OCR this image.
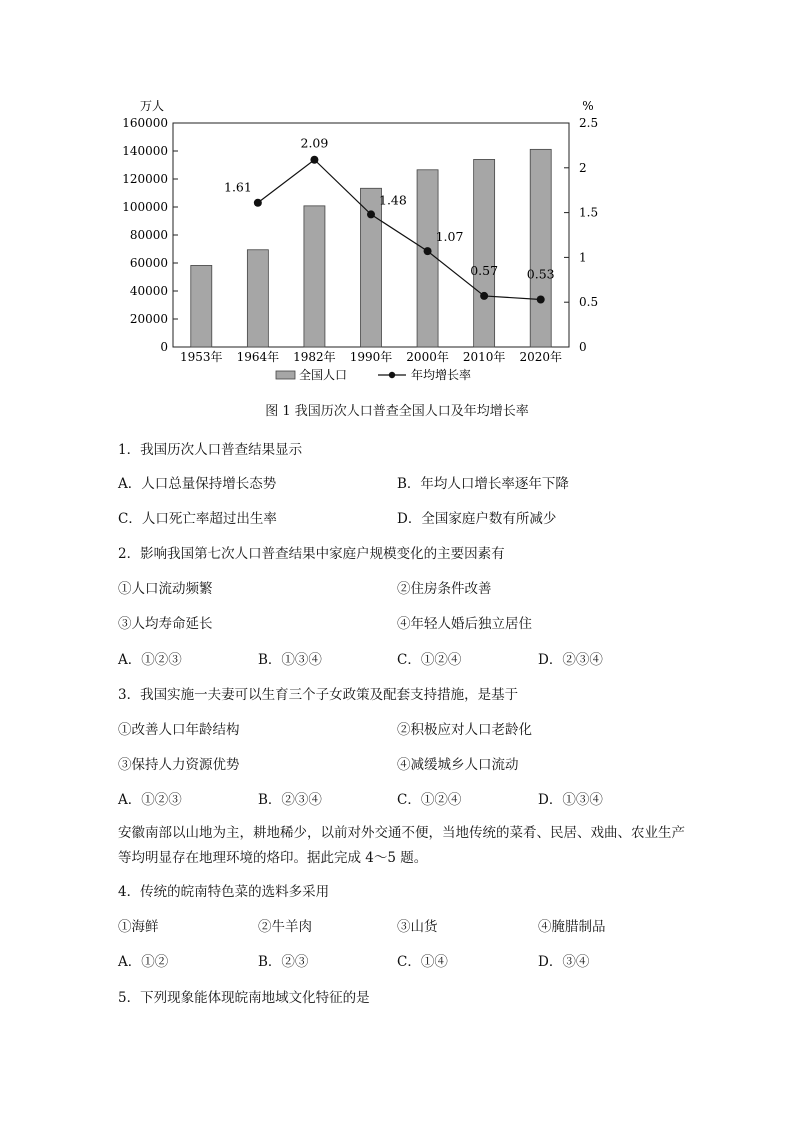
0
20000
40000
60000
80000
100000
120000
140000
160000
0
0.5
1
1.5
2
2.5
万人	%
1953年 1964年 1982年 1990年 2000年 2010年 2020年
1.61
2.09
1.48
1.07
0.57 0.53
全国人口	年均增长率
图 1 我国历次人口普查全国人口及年均增长率
1．我国历次人口普查结果显示
A．人口总量保持增长态势	B．年均人口增长率逐年下降
C．人口死亡率超过出生率	D．全国家庭户数有所减少
2．影响我国第七次人口普查结果中家庭户规模变化的主要因素有
①人口流动频繁	②住房条件改善
③人均寿命延长	④年轻人婚后独立居住
A．①②③	B．①③④	C．①②④	D．②③④
3．我国实施一夫妻可以生育三个子女政策及配套支持措施，是基于
①改善人口年龄结构	②积极应对人口老龄化
③保持人力资源优势	④减缓城乡人口流动
A．①②③	B．②③④	C．①②④	D．①③④
安徽南部以山地为主，耕地稀少，以前对外交通不便，当地传统的菜肴、民居、戏曲、农业生产等均明显存在地理环境的烙印。据此完成 4～5 题。
4．传统的皖南特色菜的选料多采用
①海鲜	②牛羊肉	③山货	④腌腊制品
A．①②	B．②③	C．①④	D．③④
5．下列现象能体现皖南地域文化特征的是
